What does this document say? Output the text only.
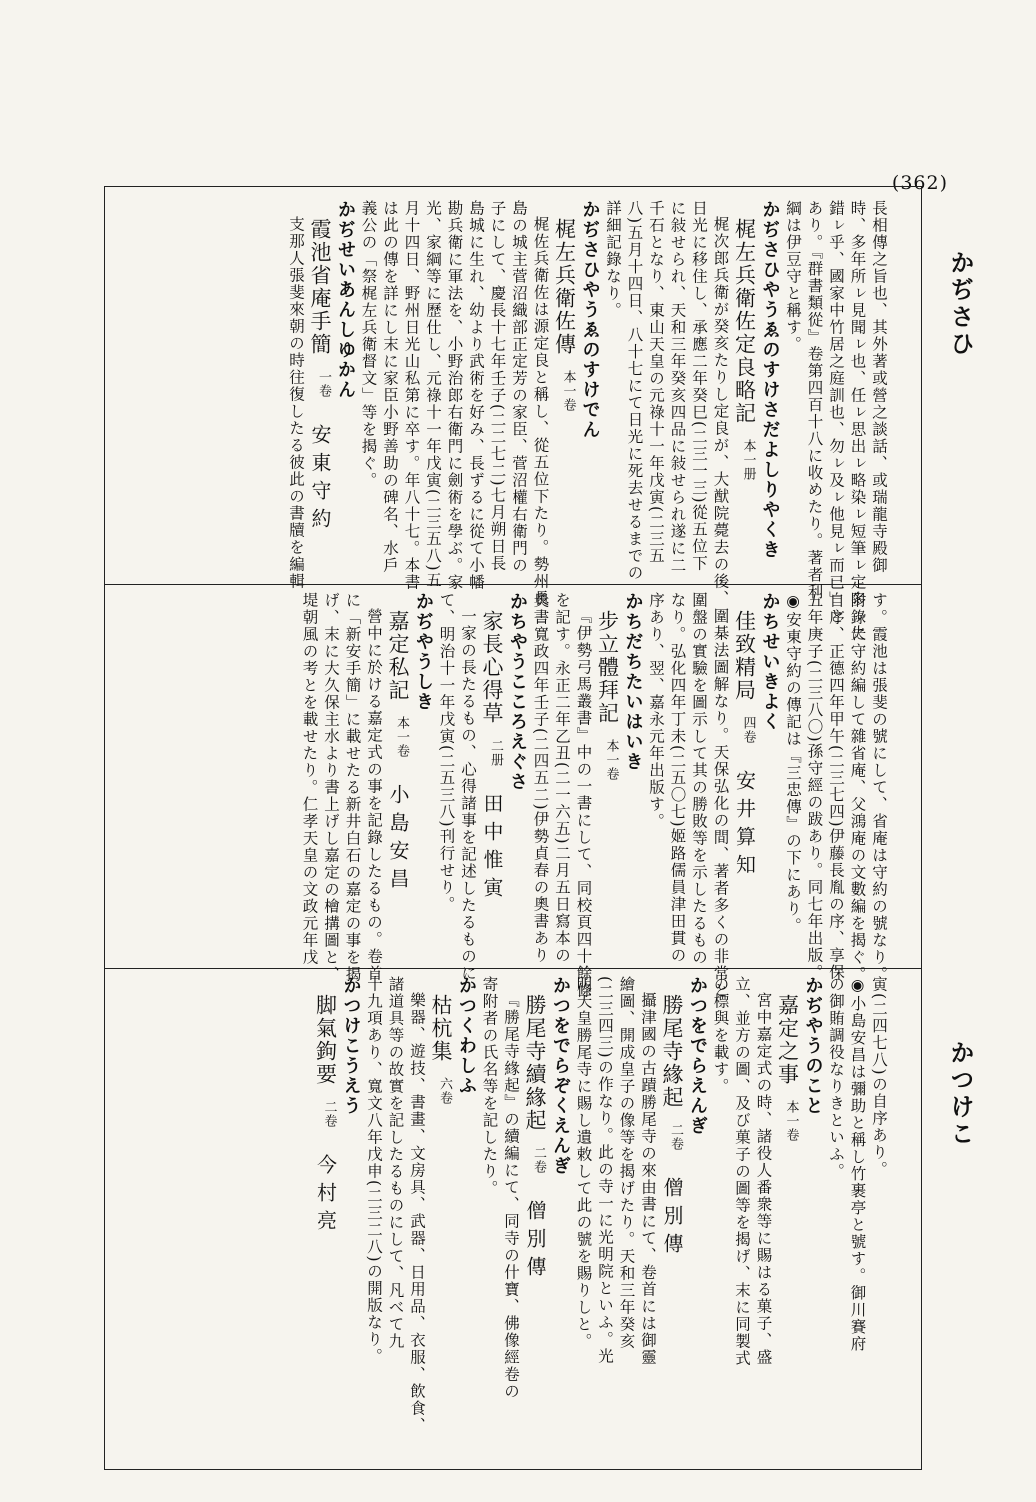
(362)
かぢさひ
かつけこ
長相傳之旨也、其外著或營之談話、或瑞龍寺殿御
時、多年所ㇾ見聞ㇾ也、任ㇾ思出ㇾ略染ㇾ短筆ㇾ定多ㇾ失
錯ㇾ乎、國家中竹居之庭訓也、勿ㇾ及ㇾ他見ㇾ而已」と
あり。『群書類從』卷第四百十八に收めたり。著者利
綱は伊豆守と稱す。
かぢさひやうゑのすけさだよしりやくき
梶左兵衛佐定良略記
本一册
梶次郎兵衛が癸亥たりし定良が、大猷院薨去の後、
日光に移住し、承應二年癸巳(二三一三)從五位下
に敍せられ、天和三年癸亥四品に敍せられ遂に二
千石となり、東山天皇の元祿十一年戊寅(二三五
八)五月十四日、八十七にて日光に死去せるまでの
詳細記錄なり。
かぢさひやうゑのすけでん
梶左兵衛佐傳
本一卷
梶佐兵衛佐は源定良と稱し、從五位下たり。勢州長
島の城主菅沼織部正定芳の家臣、菅沼權右衛門の
子にして、慶長十七年壬子(二二七二)七月朔日長
島城に生れ、幼より武術を好み、長ずるに從て小幡
勘兵衛に軍法を、小野治郎右衛門に劍術を學ぶ。家
光、家綱等に歷仕し、元祿十一年戊寅(二三五八)五
月十四日、野州日光山私第に卒す。年八十七。本書
は此の傳を詳にし末に家臣小野善助の碑名、水戶
義公の「祭梶左兵衛督文」等を揭ぐ。
かぢせいあんしゆかん
霞池省庵手簡
一卷
安東守約
支那人張斐來朝の時往復したる彼此の書牘を編輯
す。霞池は張斐の號にして、省庵は守約の號なり。
附錄に守約編して雜省庵、父鴻庵の文數編を揭ぐ。
自序、正德四年甲午(二三七四)伊藤長胤の序、享保
五年庚子(二三八〇)孫守經の跋あり。同七年出版。
◉安東守約の傳記は『三忠傳』の下にあり。
かちせいきよく
佳致精局
四卷
安井算知
圍棊法圖解なり。天保弘化の間、著者多くの非常と
圍盤の實驗を圖示して其の勝敗等を示したるもの
なり。弘化四年丁未(二五〇七)姬路儒員津田貫の
序あり、翌、嘉永元年出版す。
かちだちたいはいき
步立體拜記
本一卷
『伊勢弓馬叢書』中の一書にして、同校頁四十餘條
を記す。永正二年乙丑(二一六五)二月五日寫本の
奧書寬政四年壬子(二四五二)伊勢貞春の奧書あり
かちやうこころえぐさ
家長心得草
二册
田中惟寅
一家の長たるもの、心得諸事を記述したるものに
て、明治十一年戊寅(二五三八)刊行せり。
かぢやうしき
嘉定私記
本一卷
小島安昌
營中に於ける嘉定式の事を記錄したるもの。卷首
に「新安手簡」に載せたる新井白石の嘉定の事を揭
げ、末に大久保主水より書上げし嘉定の檜搆圖と、
堤朝風の考とを載せたり。仁孝天皇の文政元年戊
寅(二四七八)の自序あり。
◉小島安昌は彌助と稱し竹裹亭と號す。御川賽府
の御賄調役なりきといふ。
かぢやうのこと
嘉定之事
本一卷
宮中嘉定式の時、諸役人番衆等に賜はる菓子、盛
立、並方の圖、及び菓子の圖等を揭げ、末に同製式
の標與を載す。
かつをでらえんぎ
勝尾寺緣起
二卷
僧別傳
攝津國の古蹟勝尾寺の來由書にて、卷首には御靈
繪圖、開成皇子の像等を揭げたり。天和三年癸亥
(二三四三)の作なり。此の寺一に光明院といふ。光
明天皇勝尾寺に賜し遺敕して此の號を賜りしと。
かつをでらぞくえんぎ
勝尾寺續緣起
二卷
僧別傳
『勝尾寺緣起』の續編にて、同寺の什寶、佛像經卷の
寄附者の氏名等を記したり。
かつくわしふ
枯杭集
六卷
樂器、遊技、書畫、文房具、武器、日用品、衣服、飲食、
諸道具等の故實を記したるものにして、凡べて九
十九項あり、寬文八年戊申(二三二八)の開版なり。
かつけこうえう
脚氣鉤要
二卷
今村亮
